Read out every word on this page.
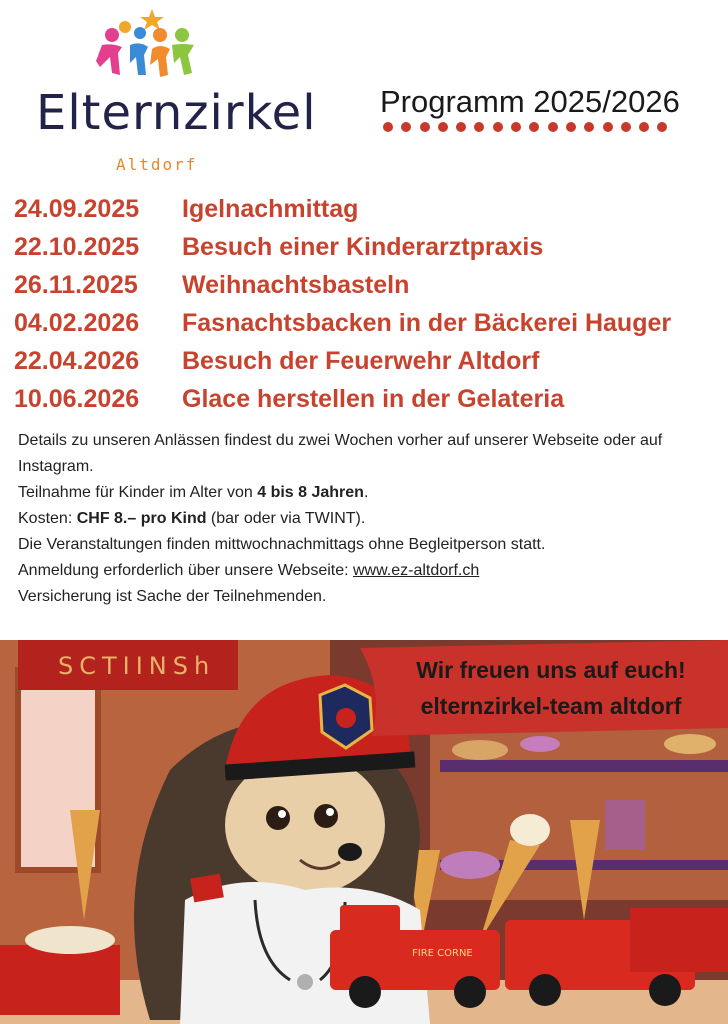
Elternzirkel
Altdorf
Programm 2025/2026
24.09.2025	Igelnachmittag
22.10.2025	Besuch einer Kinderarztpraxis
26.11.2025	Weihnachtsbasteln
04.02.2026	Fasnachtsbacken in der Bäckerei Hauger
22.04.2026	Besuch der Feuerwehr Altdorf
10.06.2026	Glace herstellen in der Gelateria

Details zu unseren Anlässen findest du zwei Wochen vorher auf unserer Webseite oder auf Instagram.

Teilnahme für Kinder im Alter von 4 bis 8 Jahren.

Kosten: CHF 8.– pro Kind (bar oder via TWINT).

Die Veranstaltungen finden mittwochnachmittags ohne Begleitperson statt.

Anmeldung erforderlich über unsere Webseite: www.ez-altdorf.ch

Versicherung ist Sache der Teilnehmenden.

SCTIINSh
FIRE CORNE
Wir freuen uns auf euch!
elternzirkel-team altdorf
